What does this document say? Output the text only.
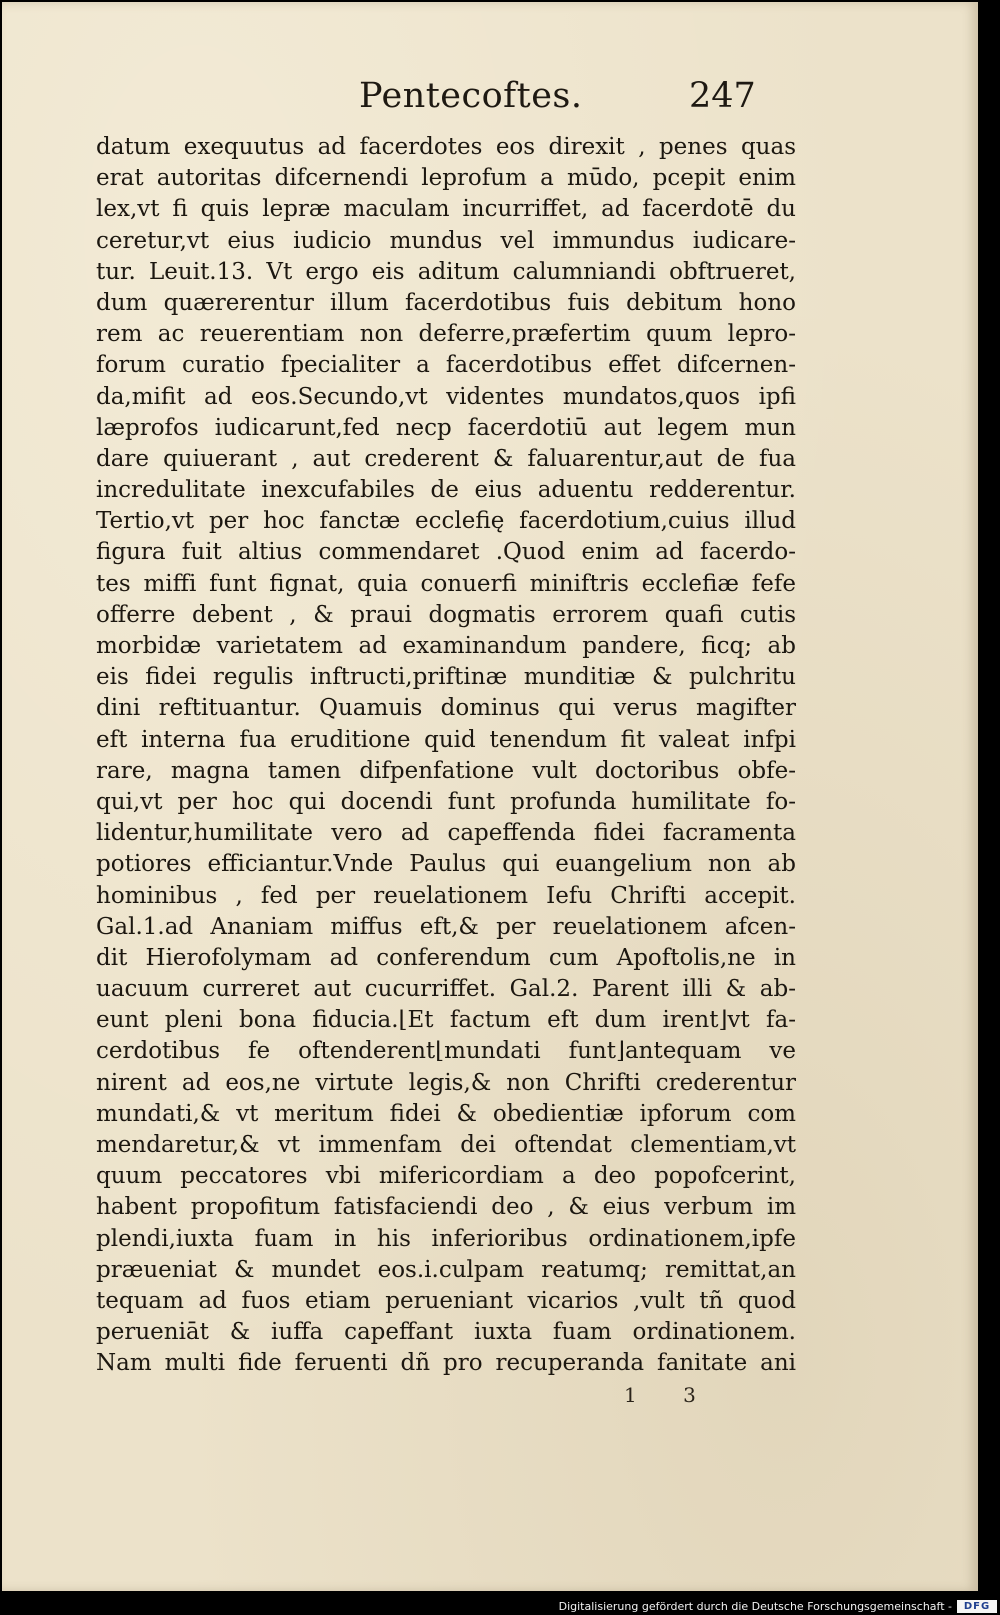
Pentecoftes.	247
datum exequutus ad facerdotes eos direxit , penes quas
erat autoritas difcernendi leprofum a mūdo, pcepit enim
lex,vt fi quis lepræ maculam incurriffet, ad facerdotē du
ceretur,vt eius iudicio mundus vel immundus iudicare-
tur. Leuit.13. Vt ergo eis aditum calumniandi obftrueret,
dum quærerentur illum facerdotibus fuis debitum hono
rem ac reuerentiam non deferre,præfertim quum lepro-
forum curatio fpecialiter a facerdotibus effet difcernen-
da,mifit ad eos.Secundo,vt videntes mundatos,quos ipfi
læprofos iudicarunt,fed necp facerdotiū aut legem mun
dare quiuerant , aut crederent & faluarentur,aut de fua
incredulitate inexcufabiles de eius aduentu redderentur.
Tertio,vt per hoc fanctæ ecclefię facerdotium,cuius illud
figura fuit altius commendaret .Quod enim ad facerdo-
tes miffi funt fignat, quia conuerfi miniftris ecclefiæ fefe
offerre debent , & praui dogmatis errorem quafi cutis
morbidæ varietatem ad examinandum pandere, ficq; ab
eis fidei regulis inftructi,priftinæ munditiæ & pulchritu
dini reftituantur. Quamuis dominus qui verus magifter
eft interna fua eruditione quid tenendum fit valeat infpi
rare, magna tamen difpenfatione vult doctoribus obfe-
qui,vt per hoc qui docendi funt profunda humilitate fo-
lidentur,humilitate vero ad capeffenda fidei facramenta
potiores efficiantur.Vnde Paulus qui euangelium non ab
hominibus , fed per reuelationem Iefu Chrifti accepit.
Gal.1.ad Ananiam miffus eft,& per reuelationem afcen-
dit Hierofolymam ad conferendum cum Apoftolis,ne in
uacuum curreret aut cucurriffet. Gal.2. Parent illi & ab-
eunt pleni bona fiducia.⌊Et factum eft dum irent⌋vt fa-
cerdotibus fe oftenderent⌊mundati funt⌋antequam ve
nirent ad eos,ne virtute legis,& non Chrifti crederentur
mundati,& vt meritum fidei & obedientiæ ipforum com
mendaretur,& vt immenfam dei oftendat clementiam,vt
quum peccatores vbi mifericordiam a deo popofcerint,
habent propofitum fatisfaciendi deo , & eius verbum im
plendi,iuxta fuam in his inferioribus ordinationem,ipfe
præueniat & mundet eos.i.culpam reatumq; remittat,an
tequam ad fuos etiam perueniant vicarios ,vult tñ quod
perueniāt & iuffa capeffant iuxta fuam ordinationem.
Nam multi fide feruenti dñ pro recuperanda fanitate ani
1 3
Digitalisierung gefördert durch die Deutsche Forschungsgemeinschaft -	DFG
